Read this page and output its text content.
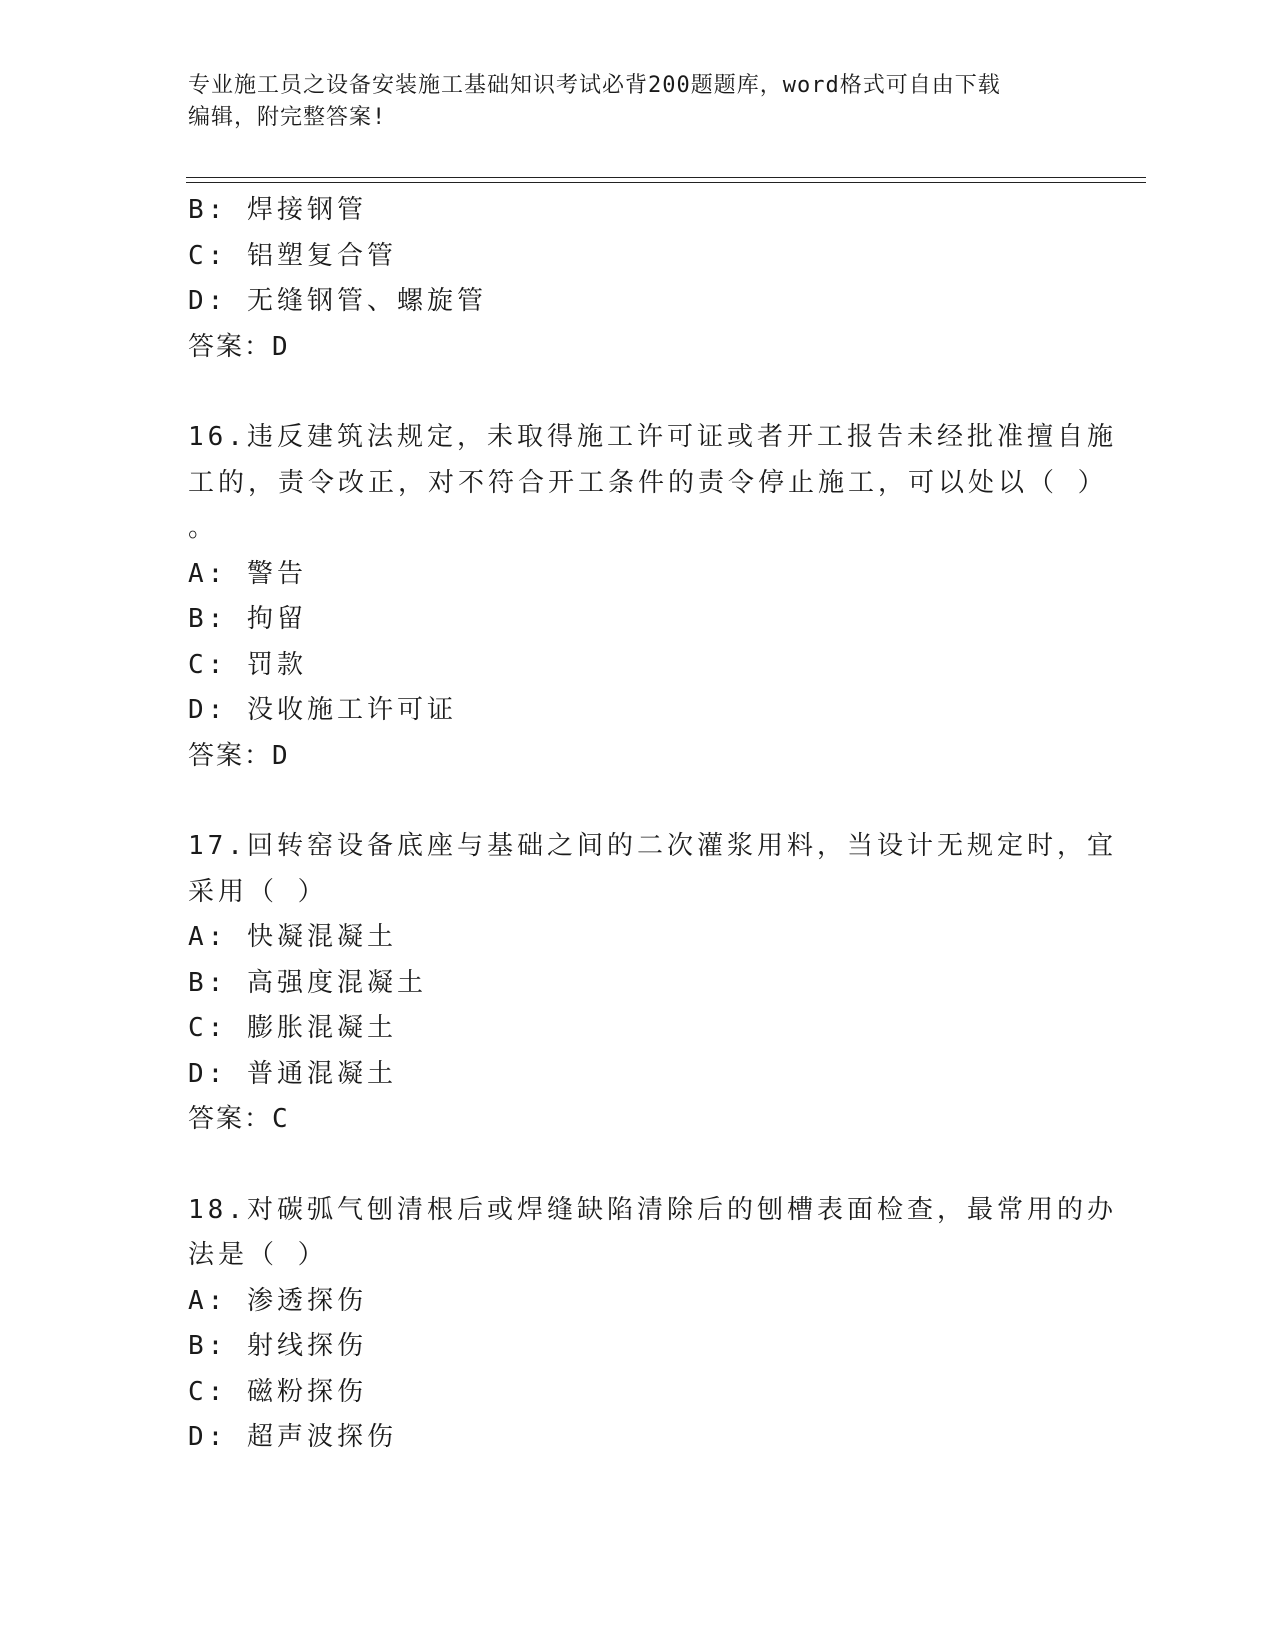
专业施工员之设备安装施工基础知识考试必背200题题库，word格式可自由下载
编辑，附完整答案!
B: 焊接钢管
C: 铝塑复合管
D: 无缝钢管、螺旋管
答案：D
16.违反建筑法规定，未取得施工许可证或者开工报告未经批准擅自施
工的，责令改正，对不符合开工条件的责令停止施工，可以处以（ ）
。
A: 警告
B: 拘留
C: 罚款
D: 没收施工许可证
答案：D
17.回转窑设备底座与基础之间的二次灌浆用料，当设计无规定时，宜
采用（ ）
A: 快凝混凝土
B: 高强度混凝土
C: 膨胀混凝土
D: 普通混凝土
答案：C
18.对碳弧气刨清根后或焊缝缺陷清除后的刨槽表面检查，最常用的办
法是（ ）
A: 渗透探伤
B: 射线探伤
C: 磁粉探伤
D: 超声波探伤
